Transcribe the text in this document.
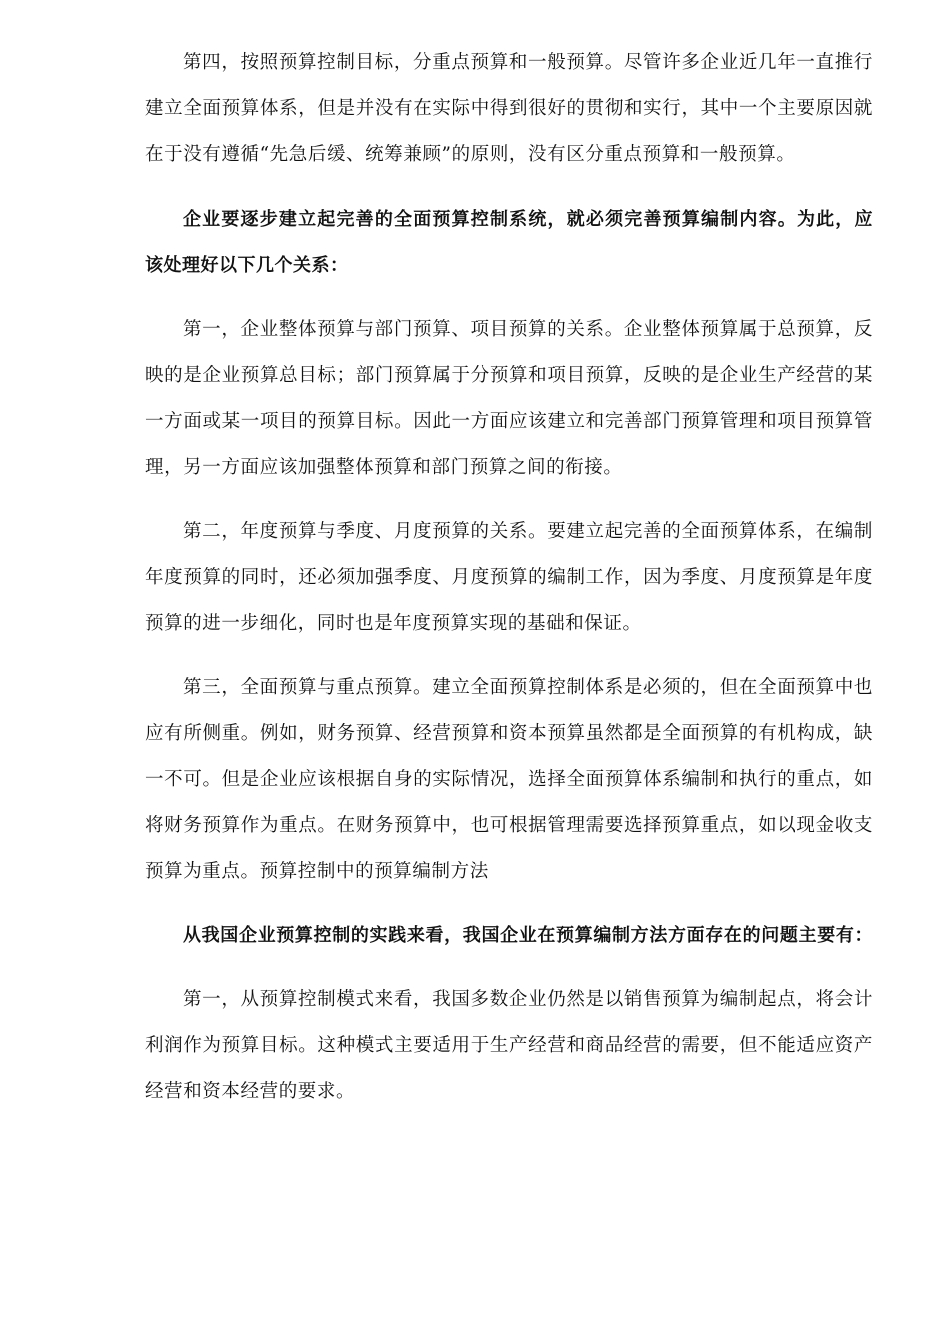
第四，按照预算控制目标，分重点预算和一般预算。尽管许多企业近几年一直推行
建立全面预算体系，但是并没有在实际中得到很好的贯彻和实行，其中一个主要原因就
在于没有遵循“先急后缓、统筹兼顾”的原则，没有区分重点预算和一般预算。
企业要逐步建立起完善的全面预算控制系统，就必须完善预算编制内容。为此，应
该处理好以下几个关系：
第一，企业整体预算与部门预算、项目预算的关系。企业整体预算属于总预算，反
映的是企业预算总目标；部门预算属于分预算和项目预算，反映的是企业生产经营的某
一方面或某一项目的预算目标。因此一方面应该建立和完善部门预算管理和项目预算管
理，另一方面应该加强整体预算和部门预算之间的衔接。
第二，年度预算与季度、月度预算的关系。要建立起完善的全面预算体系，在编制
年度预算的同时，还必须加强季度、月度预算的编制工作，因为季度、月度预算是年度
预算的进一步细化，同时也是年度预算实现的基础和保证。
第三，全面预算与重点预算。建立全面预算控制体系是必须的，但在全面预算中也
应有所侧重。例如，财务预算、经营预算和资本预算虽然都是全面预算的有机构成，缺
一不可。但是企业应该根据自身的实际情况，选择全面预算体系编制和执行的重点，如
将财务预算作为重点。在财务预算中，也可根据管理需要选择预算重点，如以现金收支
预算为重点。预算控制中的预算编制方法
从我国企业预算控制的实践来看，我国企业在预算编制方法方面存在的问题主要有：
第一，从预算控制模式来看，我国多数企业仍然是以销售预算为编制起点，将会计
利润作为预算目标。这种模式主要适用于生产经营和商品经营的需要，但不能适应资产
经营和资本经营的要求。
